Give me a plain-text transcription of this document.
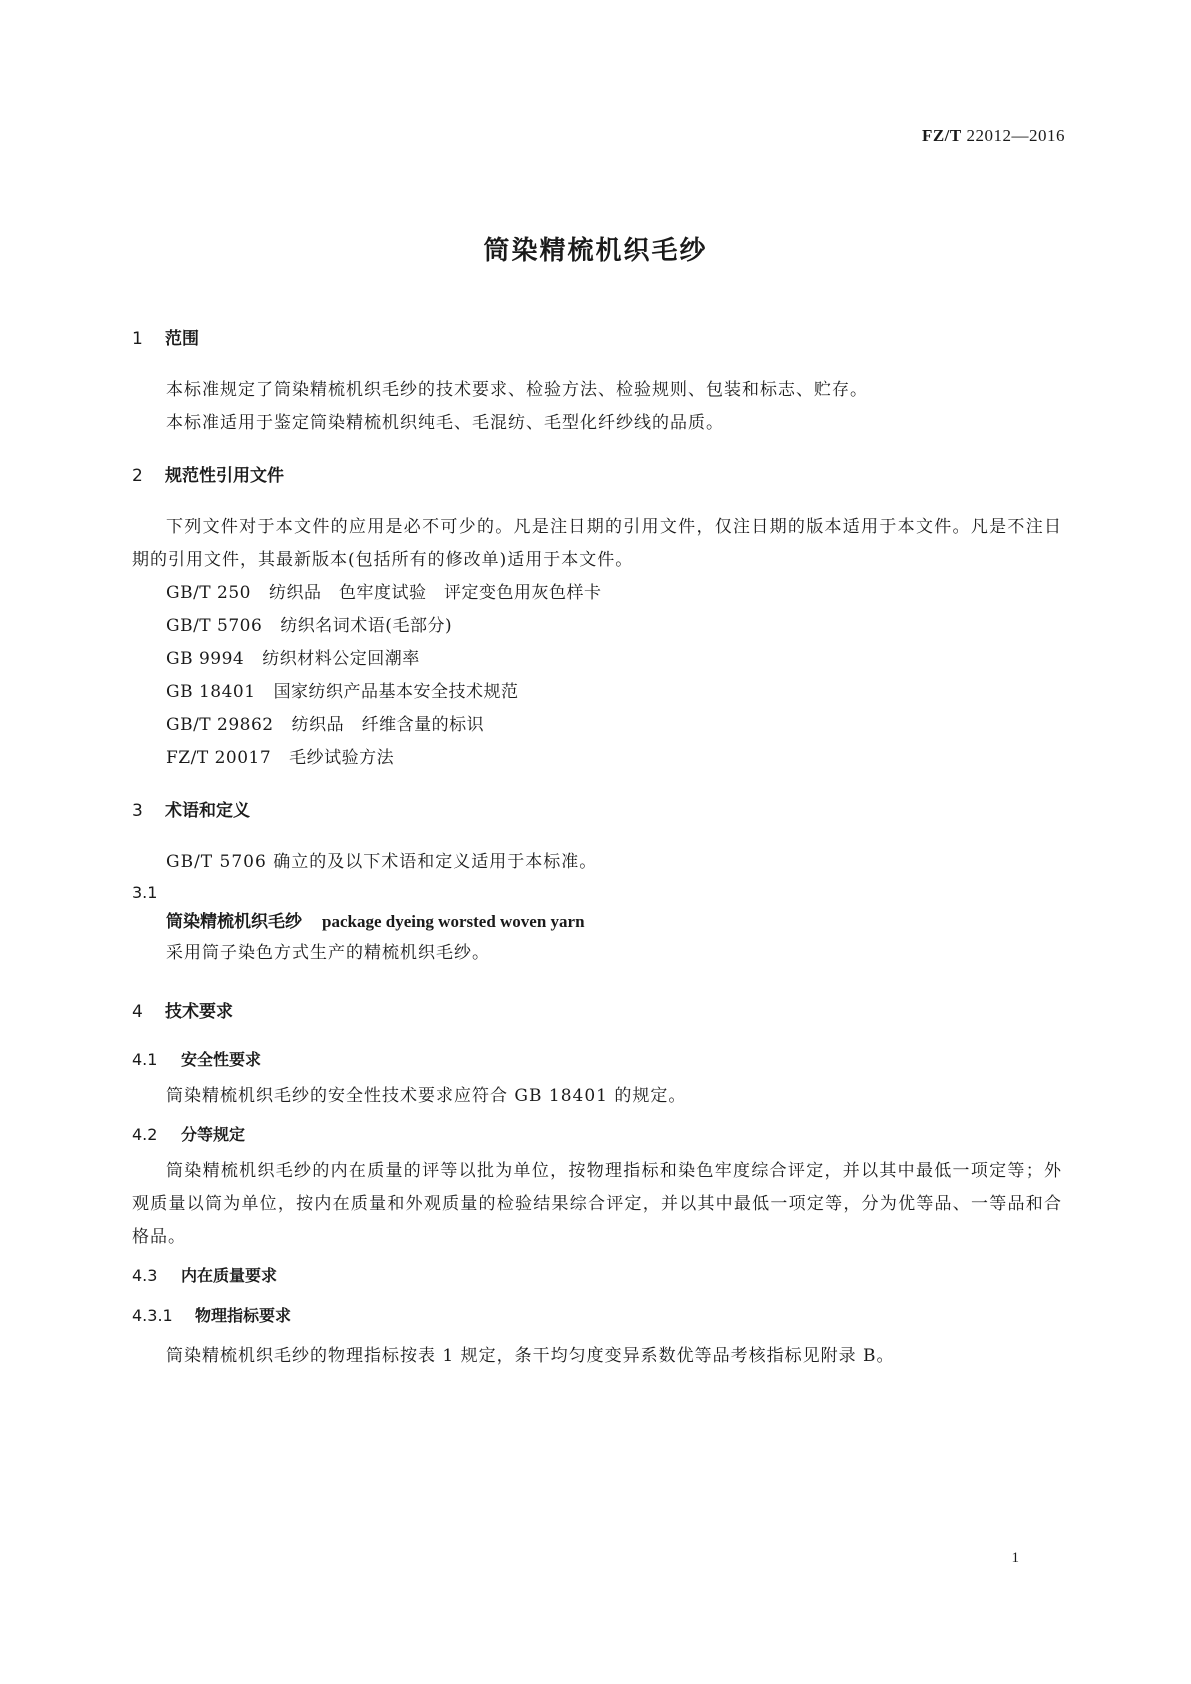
FZ/T 22012—2016
筒染精梳机织毛纱
1 范围
本标准规定了筒染精梳机织毛纱的技术要求、检验方法、检验规则、包装和标志、贮存。
本标准适用于鉴定筒染精梳机织纯毛、毛混纺、毛型化纤纱线的品质。
2 规范性引用文件
下列文件对于本文件的应用是必不可少的。凡是注日期的引用文件，仅注日期的版本适用于本文件。凡是不注日期的引用文件，其最新版本(包括所有的修改单)适用于本文件。
GB/T 250 纺织品　色牢度试验　评定变色用灰色样卡
GB/T 5706 纺织名词术语(毛部分)
GB 9994 纺织材料公定回潮率
GB 18401 国家纺织产品基本安全技术规范
GB/T 29862 纺织品　纤维含量的标识
FZ/T 20017 毛纱试验方法
3 术语和定义
GB/T 5706 确立的及以下术语和定义适用于本标准。
3.1
筒染精梳机织毛纱 package dyeing worsted woven yarn
采用筒子染色方式生产的精梳机织毛纱。
4 技术要求
4.1 安全性要求
筒染精梳机织毛纱的安全性技术要求应符合 GB 18401 的规定。
4.2 分等规定
筒染精梳机织毛纱的内在质量的评等以批为单位，按物理指标和染色牢度综合评定，并以其中最低一项定等；外观质量以筒为单位，按内在质量和外观质量的检验结果综合评定，并以其中最低一项定等，分为优等品、一等品和合格品。
4.3 内在质量要求
4.3.1 物理指标要求
筒染精梳机织毛纱的物理指标按表 1 规定，条干均匀度变异系数优等品考核指标见附录 B。
1
